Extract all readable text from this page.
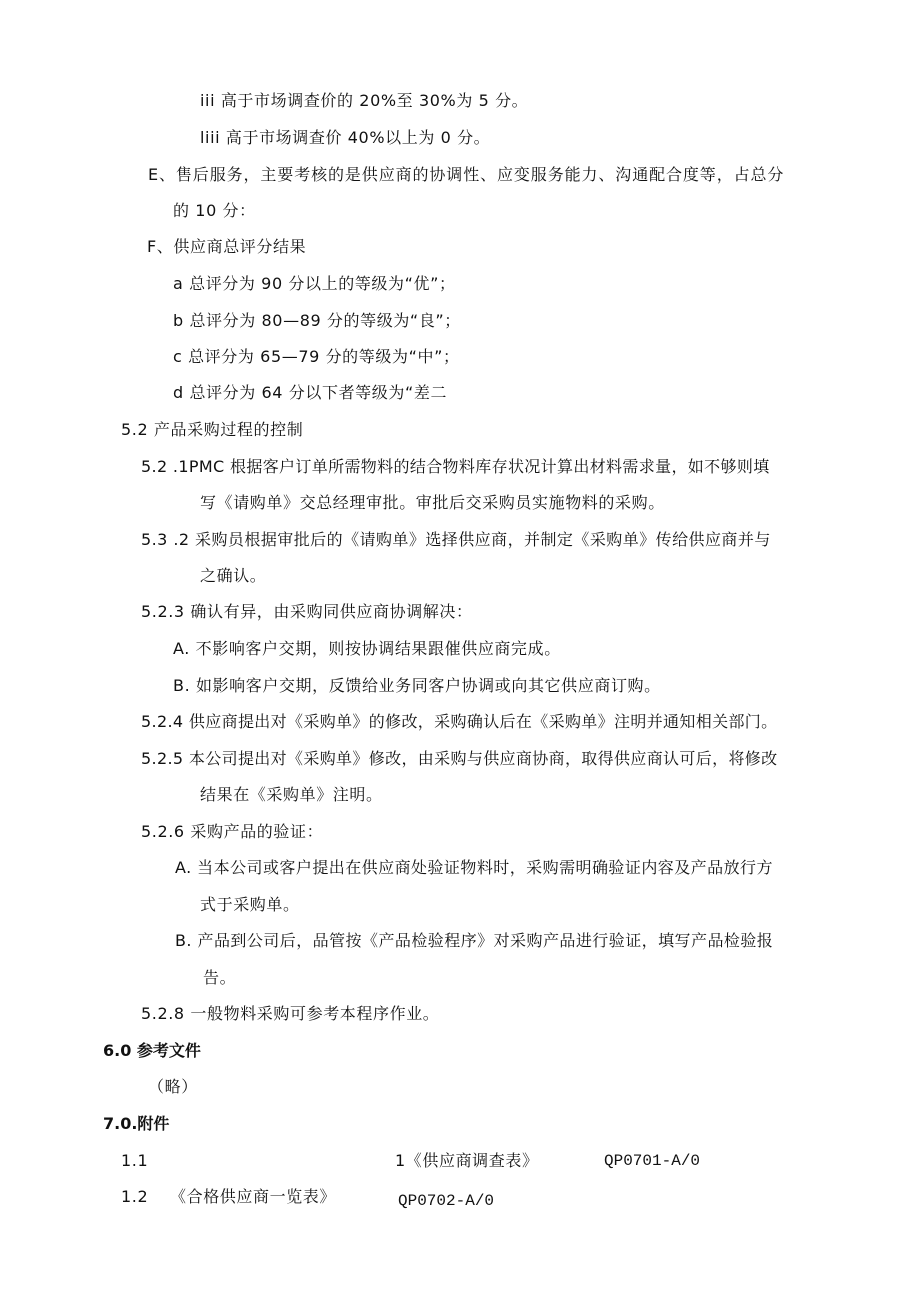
iii 高于市场调查价的 20%至 30%为 5 分。
liii 高于市场调查价 40%以上为 0 分。
E、售后服务，主要考核的是供应商的协调性、应变服务能力、沟通配合度等，占总分
的 10 分：
F、供应商总评分结果
a 总评分为 90 分以上的等级为“优”；
b 总评分为 80—89 分的等级为“良”；
c 总评分为 65—79 分的等级为“中”；
d 总评分为 64 分以下者等级为“差二
5.2 产品采购过程的控制
5.2 .1PMC 根据客户订单所需物料的结合物料库存状况计算出材料需求量，如不够则填
写《请购单》交总经理审批。审批后交采购员实施物料的采购。
5.3 .2 采购员根据审批后的《请购单》选择供应商，并制定《采购单》传给供应商并与
之确认。
5.2.3 确认有异，由采购同供应商协调解决：
A. 不影响客户交期，则按协调结果跟催供应商完成。
B. 如影响客户交期，反馈给业务同客户协调或向其它供应商订购。
5.2.4 供应商提出对《采购单》的修改，采购确认后在《采购单》注明并通知相关部门。
5.2.5 本公司提出对《采购单》修改，由采购与供应商协商，取得供应商认可后，将修改
结果在《采购单》注明。
5.2.6 采购产品的验证：
A. 当本公司或客户提出在供应商处验证物料时，采购需明确验证内容及产品放行方
式于采购单。
B. 产品到公司后，品管按《产品检验程序》对采购产品进行验证，填写产品检验报
告。
5.2.8 一般物料采购可参考本程序作业。
6.0 参考文件
（略）
7.0.附件
1.1	1《供应商调查表》	QP0701-A/0
1.2 《合格供应商一览表》	QP0702-A/0
